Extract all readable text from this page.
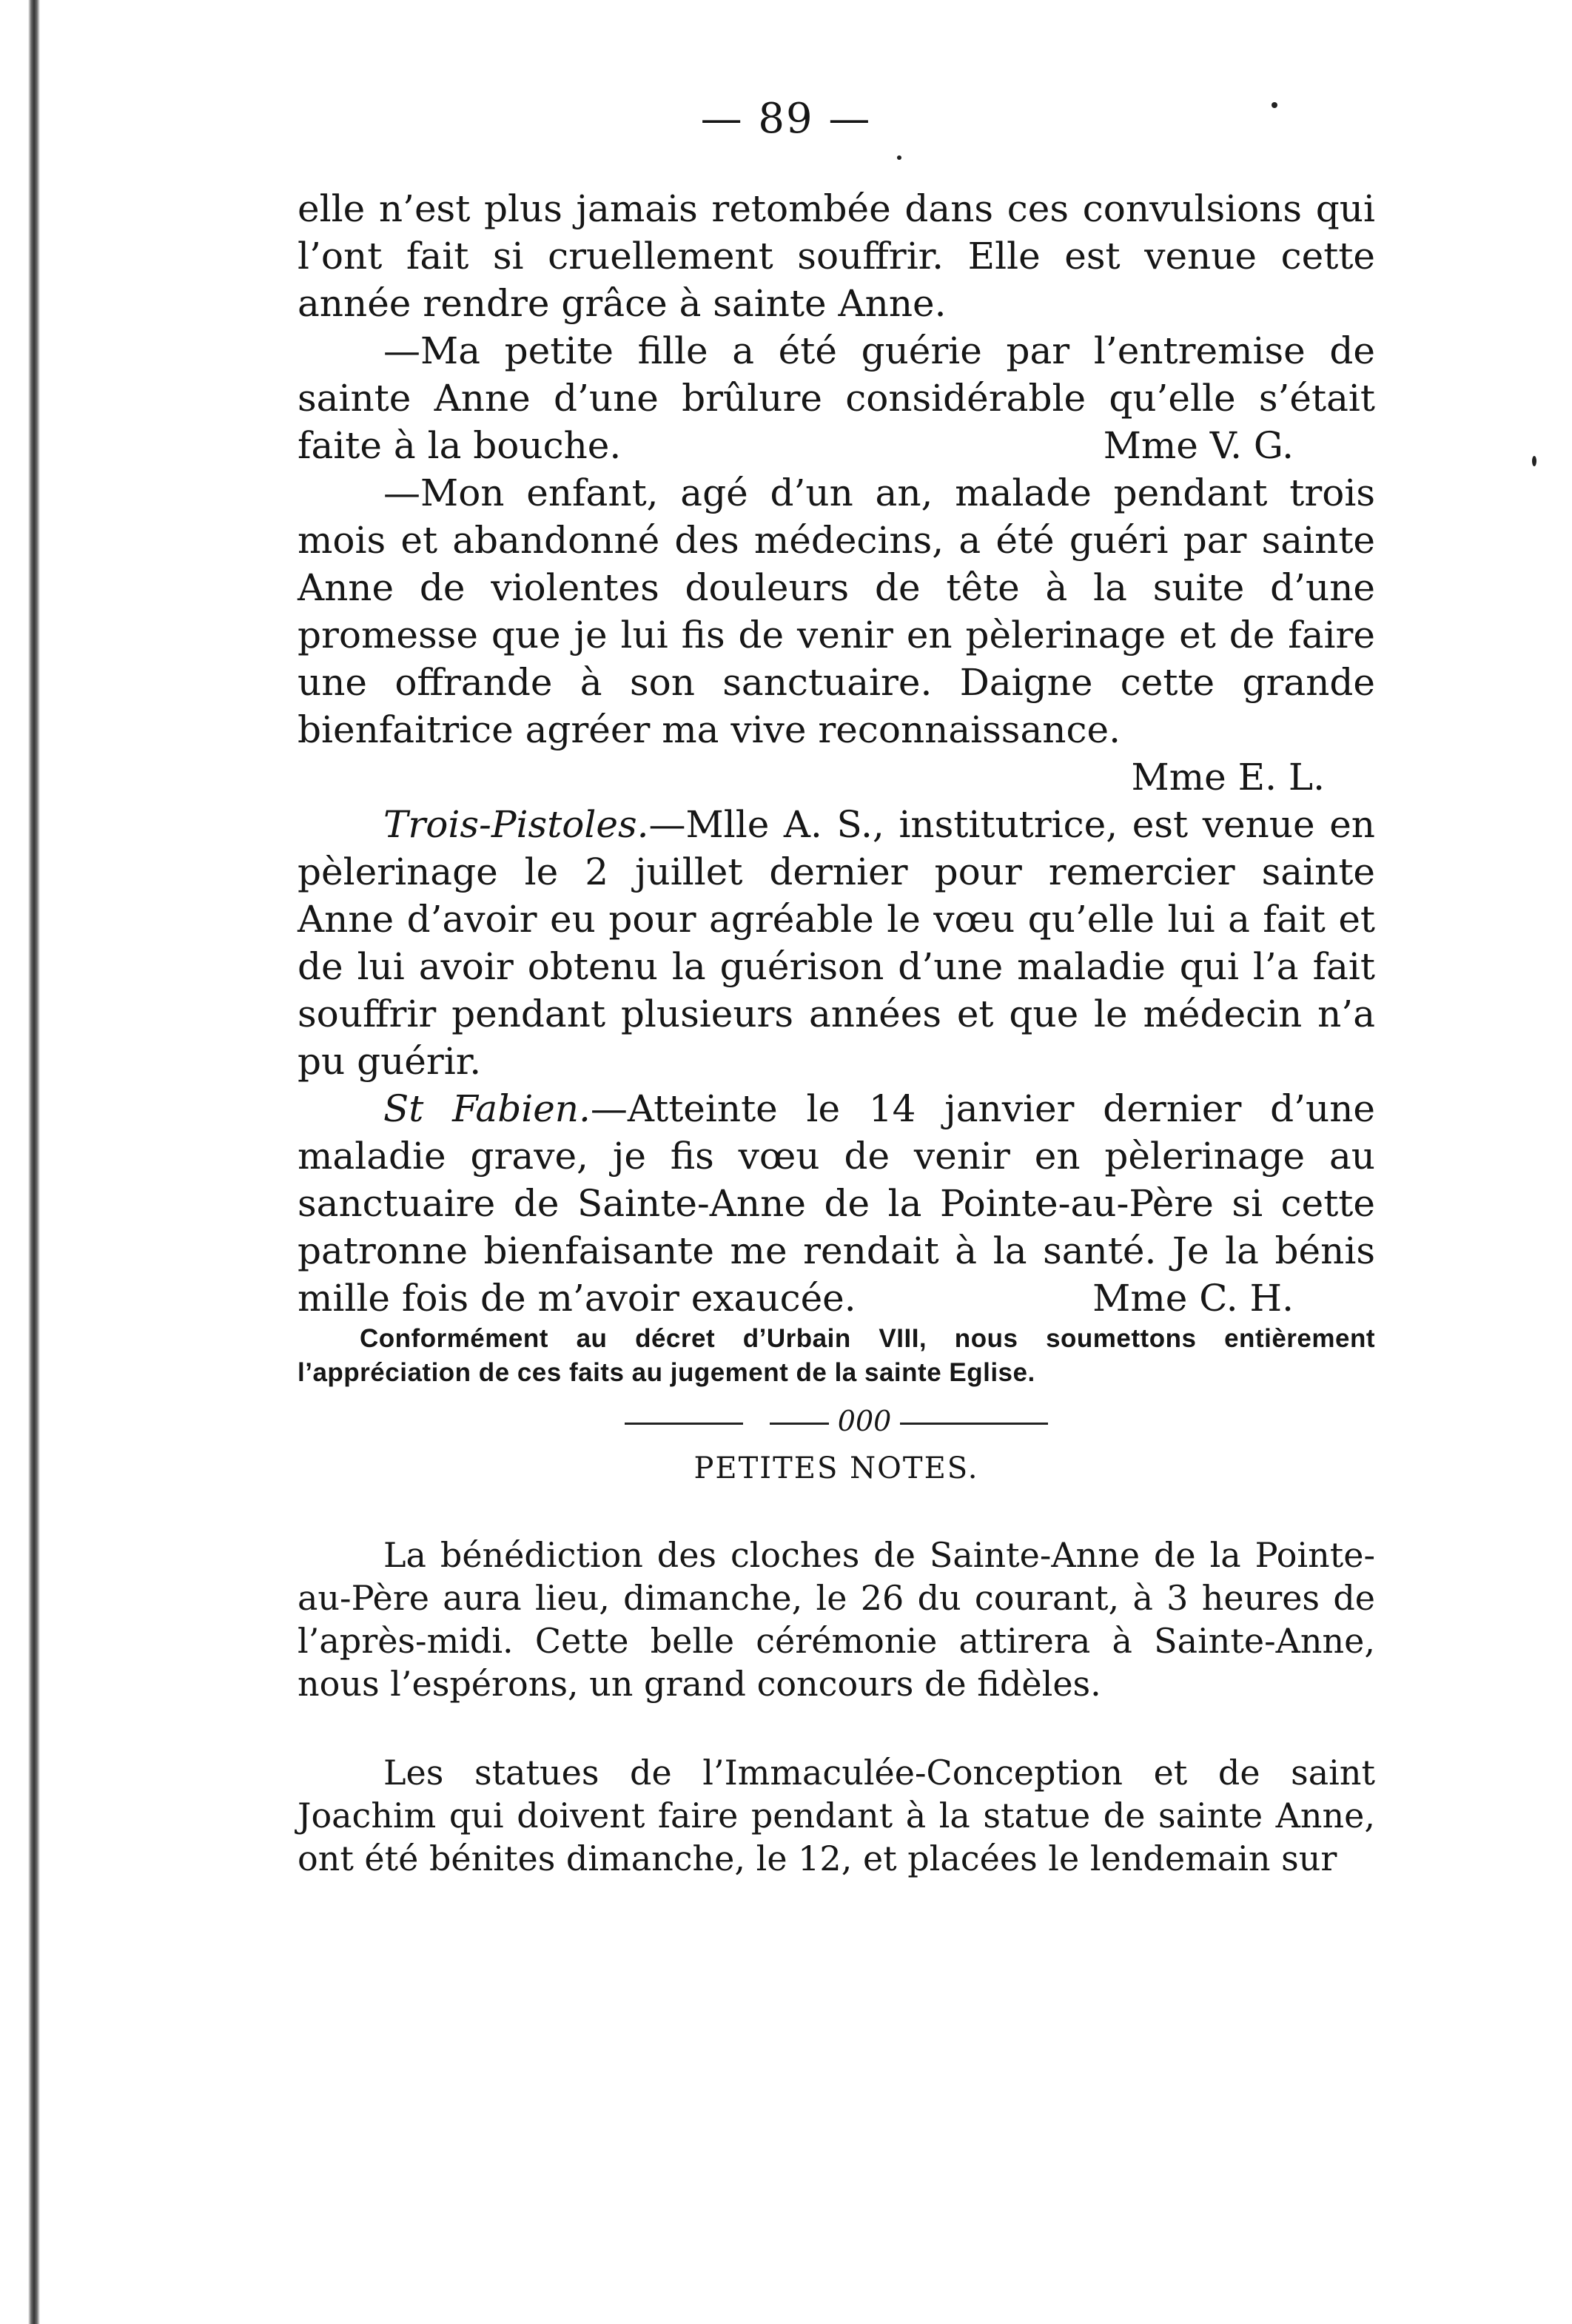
— 89 —

elle n’est plus jamais retombée dans ces convulsions qui l’ont fait si cruellement souffrir. Elle est venue cette année rendre grâce à sainte Anne.

—Ma petite fille a été guérie par l’entremise de sainte Anne d’une brûlure considérable qu’elle s’était faite à la bouche.	Mme V. G.

—Mon enfant, agé d’un an, malade pendant trois mois et abandonné des médecins, a été guéri par sainte Anne de violentes douleurs de tête à la suite d’une promesse que je lui fis de venir en pèlerinage et de faire une offrande à son sanctuaire. Daigne cette grande bienfaitrice agréer ma vive reconnaissance.

Mme E. L.

Trois-Pistoles.—Mlle A. S., institutrice, est venue en pèlerinage le 2 juillet dernier pour remercier sainte Anne d’avoir eu pour agréable le vœu qu’elle lui a fait et de lui avoir obtenu la guérison d’une maladie qui l’a fait souffrir pendant plusieurs années et que le médecin n’a pu guérir.

St Fabien.—Atteinte le 14 janvier dernier d’une maladie grave, je fis vœu de venir en pèlerinage au sanctuaire de Sainte-Anne de la Pointe-au-Père si cette patronne bienfaisante me rendait à la santé. Je la bénis mille fois de m’avoir exaucée.	Mme C. H.

Conformément au décret d’Urbain VIII, nous soumettons entièrement l’appréciation de ces faits au jugement de la sainte Eglise.

000
PETITES NOTES.

La bénédiction des cloches de Sainte-Anne de la Pointe-au-Père aura lieu, dimanche, le 26 du courant, à 3 heures de l’après-midi. Cette belle cérémonie attirera à Sainte-Anne, nous l’espérons, un grand concours de fidèles.

Les statues de l’Immaculée-Conception et de saint Joachim qui doivent faire pendant à la statue de sainte Anne, ont été bénites dimanche, le 12, et placées le lendemain sur
